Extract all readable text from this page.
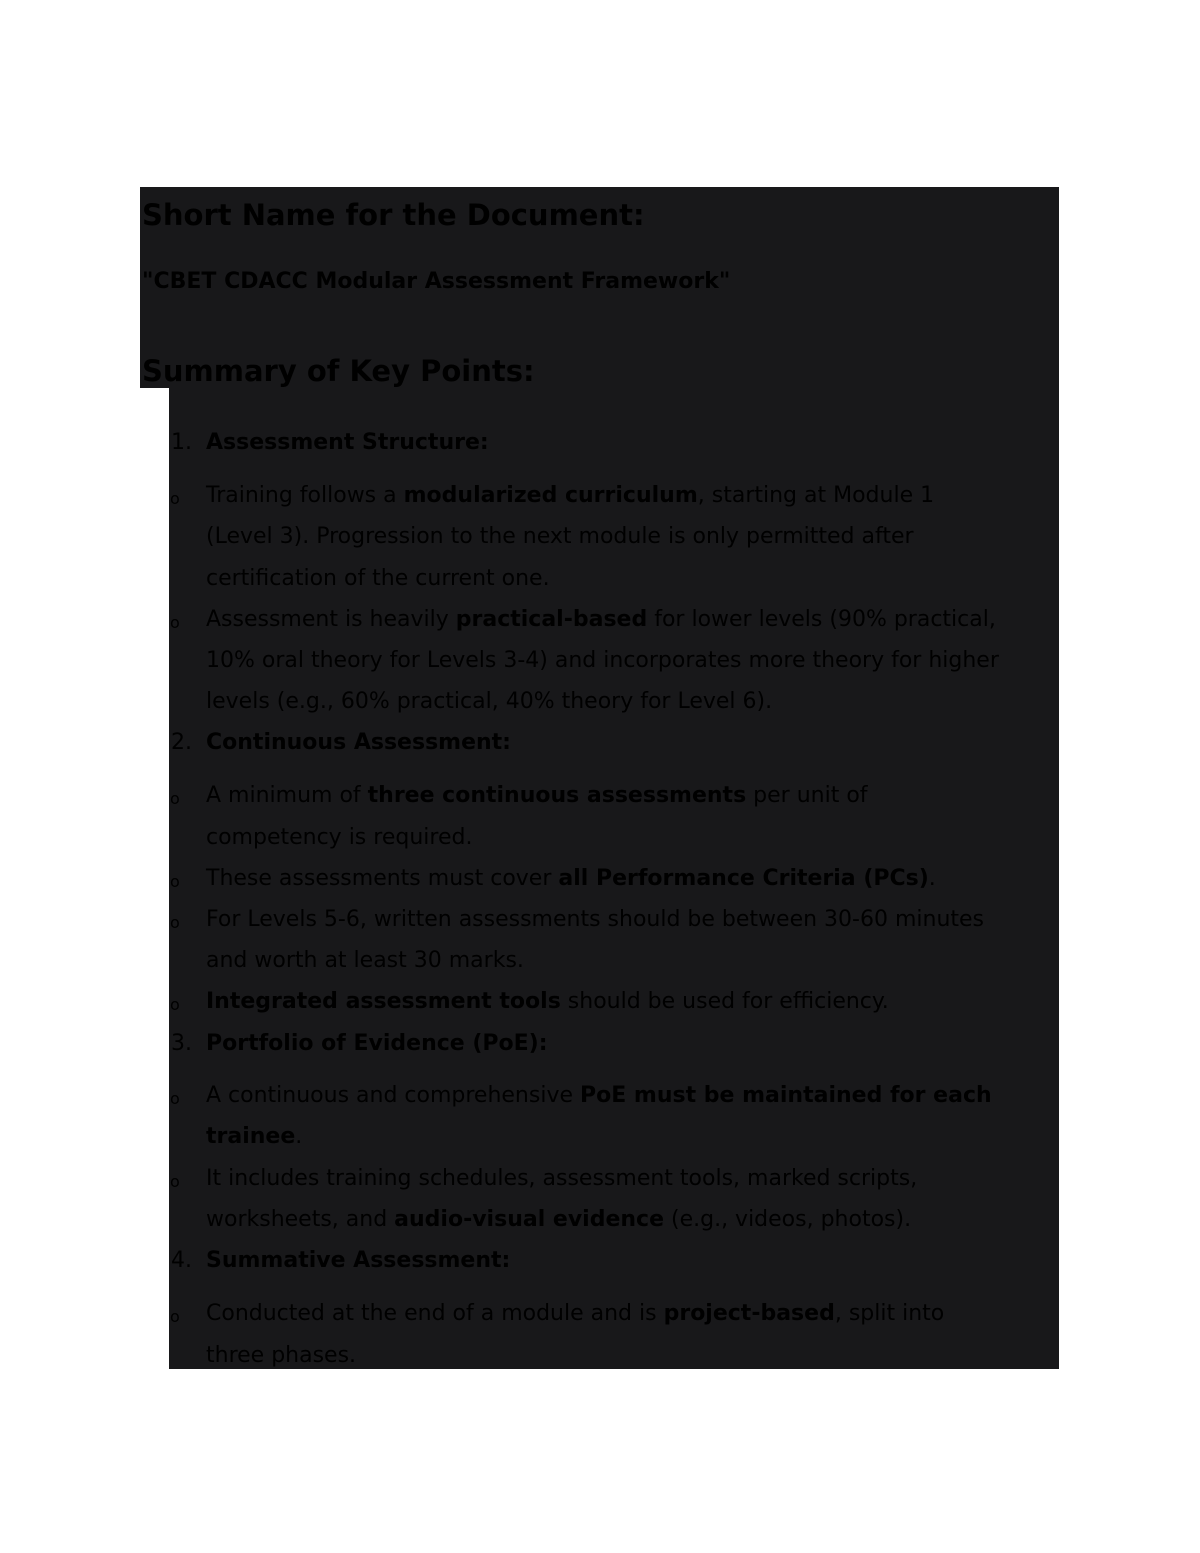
Short Name for the Document:
"CBET CDACC Modular Assessment Framework"
Summary of Key Points:
1. Assessment Structure:
o Training follows a modularized curriculum, starting at Module 1
(Level 3). Progression to the next module is only permitted after
certification of the current one.
o Assessment is heavily practical-based for lower levels (90% practical,
10% oral theory for Levels 3-4) and incorporates more theory for higher
levels (e.g., 60% practical, 40% theory for Level 6).
2. Continuous Assessment:
o A minimum of three continuous assessments per unit of
competency is required.
o These assessments must cover all Performance Criteria (PCs).
o For Levels 5-6, written assessments should be between 30-60 minutes
and worth at least 30 marks.
o Integrated assessment tools should be used for efficiency.
3. Portfolio of Evidence (PoE):
o A continuous and comprehensive PoE must be maintained for each
trainee.
o It includes training schedules, assessment tools, marked scripts,
worksheets, and audio-visual evidence (e.g., videos, photos).
4. Summative Assessment:
o Conducted at the end of a module and is project-based, split into
three phases.
